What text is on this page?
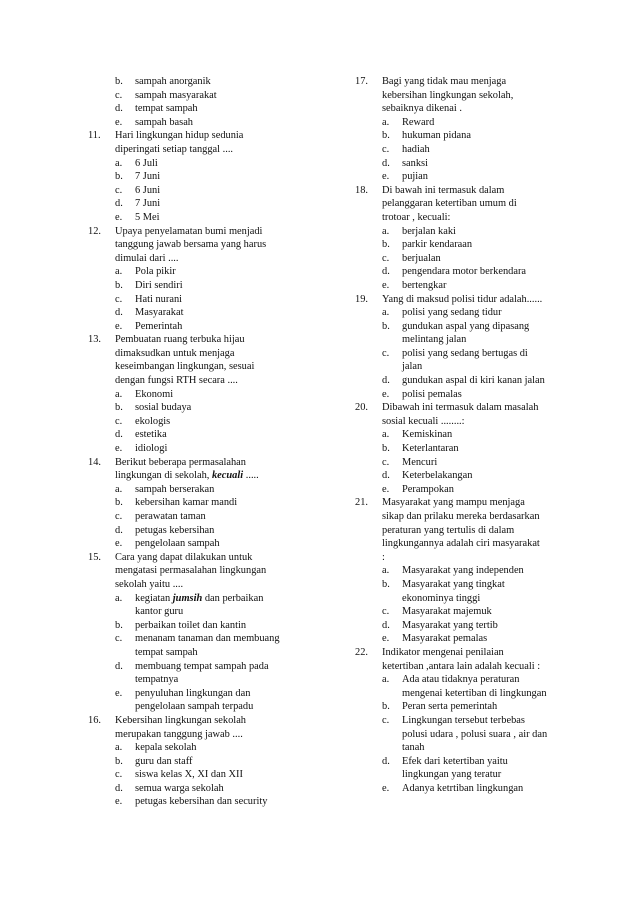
b. sampah anorganik
c. sampah masyarakat
d. tempat sampah
e. sampah basah
11. Hari lingkungan hidup sedunia
diperingati setiap tanggal ....
a. 6 Juli
b. 7 Juni
c. 6 Juni
d. 7 Juni
e. 5 Mei
12. Upaya penyelamatan bumi menjadi
tanggung jawab bersama yang harus
dimulai dari ....
a. Pola pikir
b. Diri sendiri
c. Hati nurani
d. Masyarakat
e. Pemerintah
13. Pembuatan ruang terbuka hijau
dimaksudkan untuk menjaga
keseimbangan lingkungan, sesuai
dengan fungsi RTH secara ....
a. Ekonomi
b. sosial budaya
c. ekologis
d. estetika
e. idiologi
14. Berikut beberapa permasalahan
lingkungan di sekolah, kecuali .....
a. sampah berserakan
b. kebersihan kamar mandi
c. perawatan taman
d. petugas kebersihan
e. pengelolaan sampah
15. Cara yang dapat dilakukan untuk
mengatasi permasalahan lingkungan
sekolah yaitu ....
a. kegiatan jumsih dan perbaikan
kantor guru
b. perbaikan toilet dan kantin
c. menanam tanaman dan membuang
tempat sampah
d. membuang tempat sampah pada
tempatnya
e. penyuluhan lingkungan dan
pengelolaan sampah terpadu
16. Kebersihan lingkungan sekolah
merupakan tanggung jawab ....
a. kepala sekolah
b. guru dan staff
c. siswa kelas X, XI dan XII
d. semua warga sekolah
e. petugas kebersihan dan security
17. Bagi yang tidak mau menjaga
kebersihan lingkungan sekolah,
sebaiknya dikenai .
a. Reward
b. hukuman pidana
c. hadiah
d. sanksi
e. pujian
18. Di bawah ini termasuk dalam
pelanggaran ketertiban umum di
trotoar , kecuali:
a. berjalan kaki
b. parkir kendaraan
c. berjualan
d. pengendara motor berkendara
e. bertengkar
19. Yang di maksud polisi tidur adalah......
a. polisi yang sedang tidur
b. gundukan aspal yang dipasang
melintang jalan
c. polisi yang sedang bertugas di
jalan
d. gundukan aspal di kiri kanan jalan
e. polisi pemalas
20. Dibawah ini termasuk dalam masalah
sosial kecuali ........:
a. Kemiskinan
b. Keterlantaran
c. Mencuri
d. Keterbelakangan
e. Perampokan
21. Masyarakat yang mampu menjaga
sikap dan prilaku mereka berdasarkan
peraturan yang tertulis di dalam
lingkungannya adalah ciri masyarakat
:
a. Masyarakat yang independen
b. Masyarakat yang tingkat
ekonominya tinggi
c. Masyarakat majemuk
d. Masyarakat yang tertib
e. Masyarakat pemalas
22. Indikator mengenai penilaian
ketertiban ,antara lain adalah kecuali :
a. Ada atau tidaknya peraturan
mengenai ketertiban di lingkungan
b. Peran serta pemerintah
c. Lingkungan tersebut terbebas
polusi udara , polusi suara , air dan
tanah
d. Efek dari ketertiban yaitu
lingkungan yang teratur
e. Adanya ketrtiban lingkungan
